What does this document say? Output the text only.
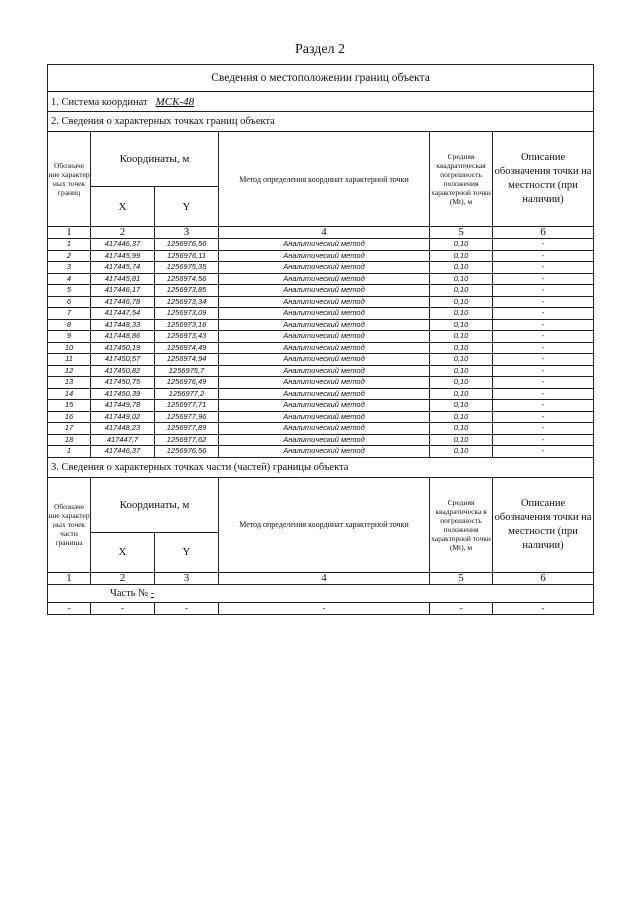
Раздел 2
Сведения о местоположении границ объекта					
1. Система координат МСК-48					
2. Сведения о характерных точках границ объекта					
Обозначе ние характер ных точек границ	Координаты, м		Метод определения координат характерной точки	Средняя квадратическая погрешность положения характерной точки (Mt), м	Описание обозначения точки на местности (при наличии)
	X	Y			
1	2	3	4	5	6
1	417446,37	1256976,56	Аналитический метод	0,10	-
2	417445,99	1256976,11	Аналитический метод	0,10	-
3	417445,74	1256975,35	Аналитический метод	0,10	-
4	417445,81	1256974,56	Аналитический метод	0,10	-
5	417446,17	1256973,85	Аналитический метод	0,10	-
6	417446,78	1256973,34	Аналитический метод	0,10	-
7	417447,54	1256973,09	Аналитический метод	0,10	-
8	417448,33	1256973,16	Аналитический метод	0,10	-
9	417448,86	1256973,43	Аналитический метод	0,10	-
10	417450,19	1256974,49	Аналитический метод	0,10	-
11	417450,57	1256974,94	Аналитический метод	0,10	-
12	417450,82	1256975,7	Аналитический метод	0,10	-
13	417450,75	1256976,49	Аналитический метод	0,10	-
14	417450,39	1256977,2	Аналитический метод	0,10	-
15	417449,78	1256977,71	Аналитический метод	0,10	-
16	417449,02	1256977,96	Аналитический метод	0,10	-
17	417448,23	1256977,89	Аналитический метод	0,10	-
18	417447,7	1256977,62	Аналитический метод	0,10	-
1	417446,37	1256976,56	Аналитический метод	0,10	-
3. Сведения о характерных точках части (частей) границы объекта					
Обозначе ние характер ных точек части границы	Координаты, м		Метод определения координат характерной точки	Средняя квадратическа я погрешность положения характерной точки (Mt), м	Описание обозначения точки на местности (при наличии)
	X	Y			
1	2	3	4	5	6
Часть № -					
-	-	-	-	-	-
